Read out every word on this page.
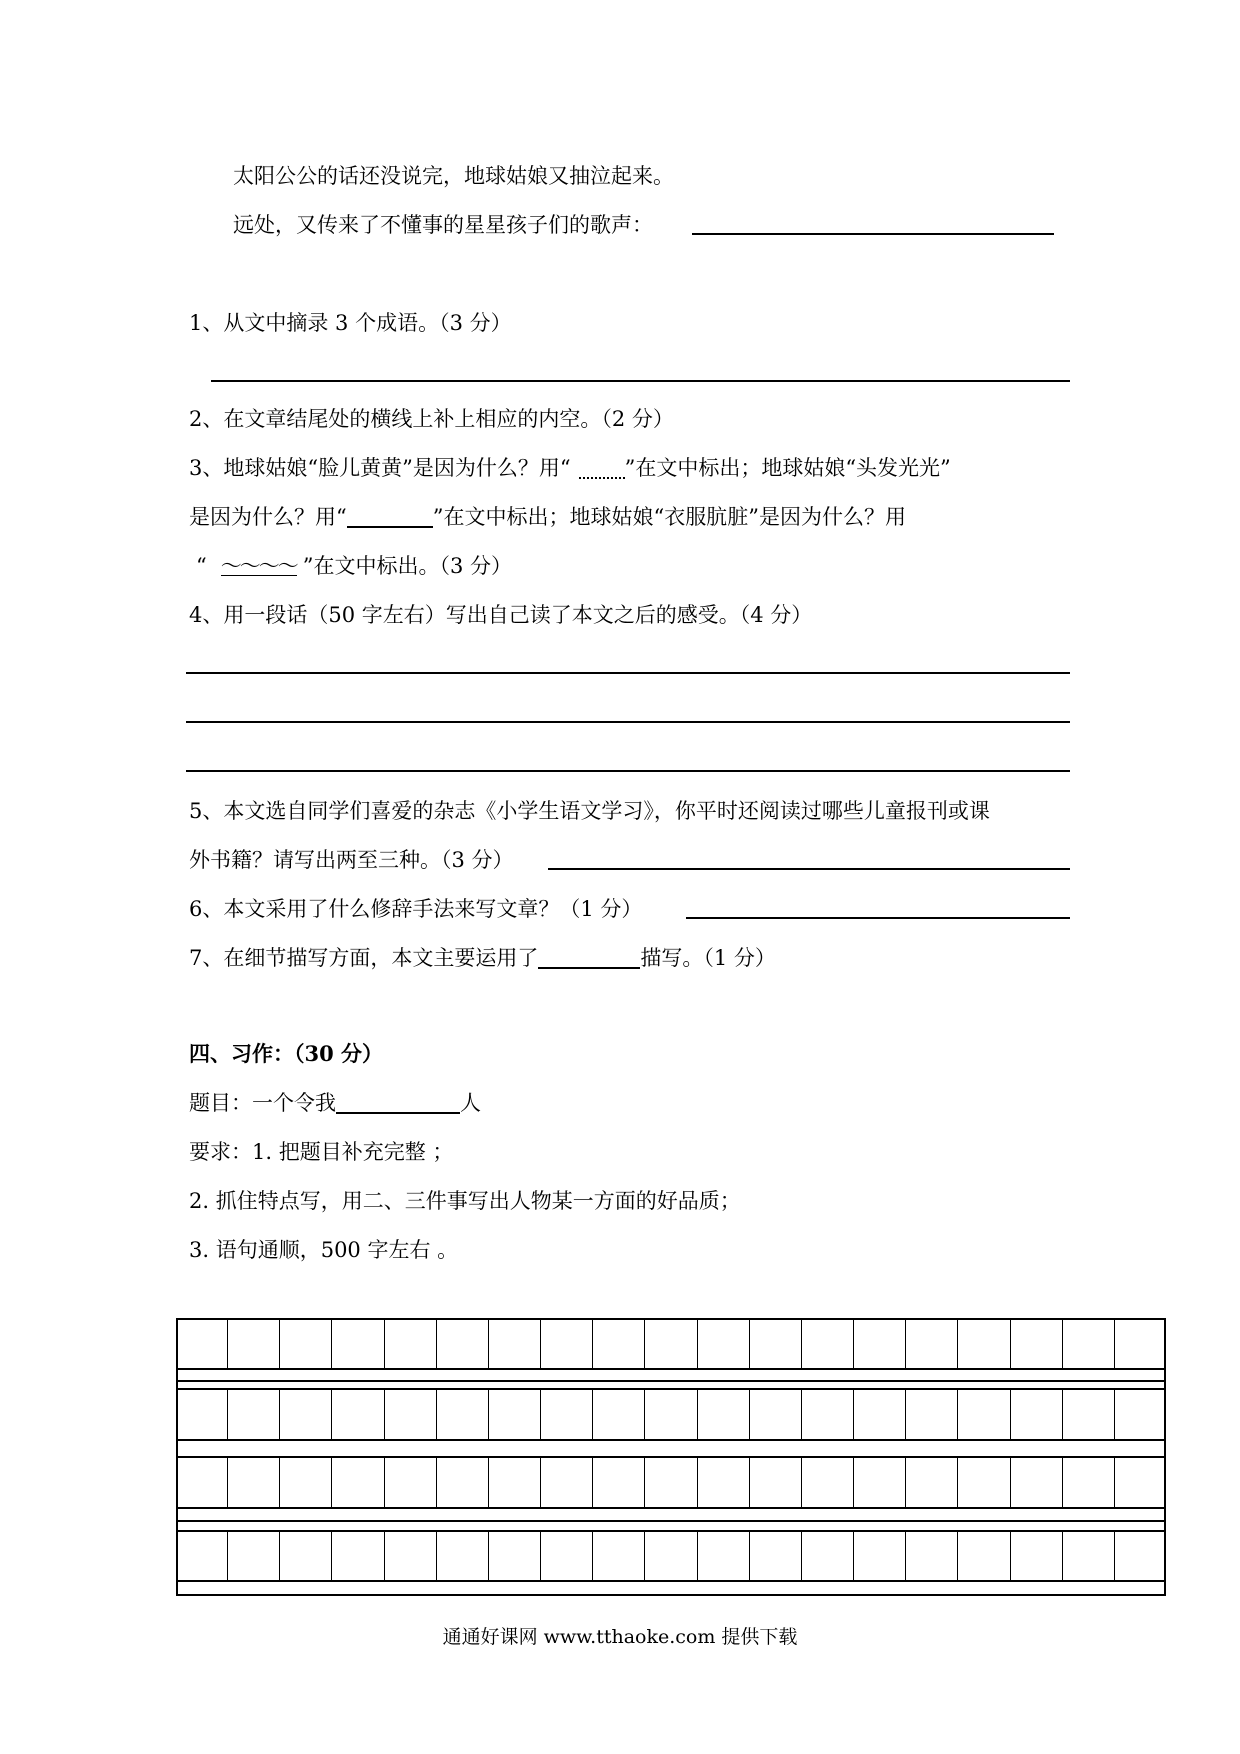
太阳公公的话还没说完，地球姑娘又抽泣起来。
远处，又传来了不懂事的星星孩子们的歌声：
1、从文中摘录 3 个成语。（3 分）
2、在文章结尾处的横线上补上相应的内空。（2 分）
3、地球姑娘“脸儿黄黄”是因为什么？用“	”在文中标出；地球姑娘“头发光光”
是因为什么？用“	”在文中标出；地球姑娘“衣服肮脏”是因为什么？用
“ ～～～～ ”在文中标出。（3 分）
4、用一段话（50 字左右）写出自己读了本文之后的感受。（4 分）
5、本文选自同学们喜爱的杂志《小学生语文学习》，你平时还阅读过哪些儿童报刊或课
外书籍？请写出两至三种。（3 分）
6、本文采用了什么修辞手法来写文章？（1 分）
7、在细节描写方面，本文主要运用了	描写。（1 分）
四、习作：（30 分）
题目：一个令我	人
要求：1. 把题目补充完整 ；
2. 抓住特点写，用二、三件事写出人物某一方面的好品质；
3. 语句通顺，500 字左右 。
通通好课网 www.tthaoke.com 提供下载
